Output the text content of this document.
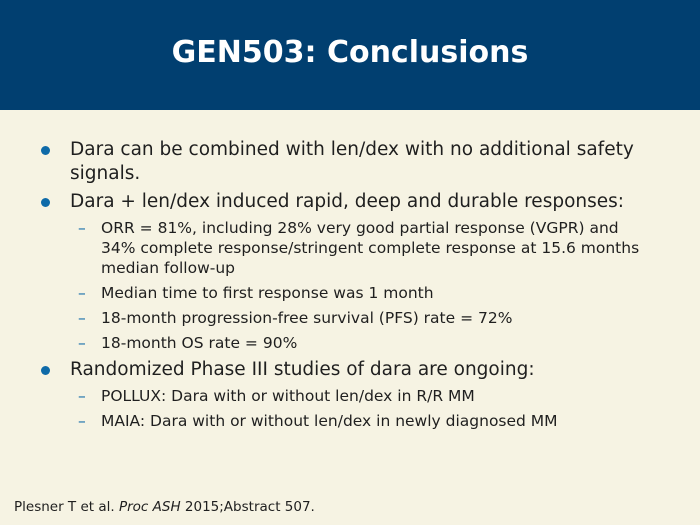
GEN503: Conclusions
Dara can be combined with len/dex with no additional safety signals.
Dara + len/dex induced rapid, deep and durable responses:
– ORR = 81%, including 28% very good partial response (VGPR) and 34% complete response/stringent complete response at 15.6 months median follow-up
– Median time to first response was 1 month
– 18-month progression-free survival (PFS) rate = 72%
– 18-month OS rate = 90%
Randomized Phase III studies of dara are ongoing:
– POLLUX: Dara with or without len/dex in R/R MM
– MAIA: Dara with or without len/dex in newly diagnosed MM
Plesner T et al. Proc ASH 2015;Abstract 507.
